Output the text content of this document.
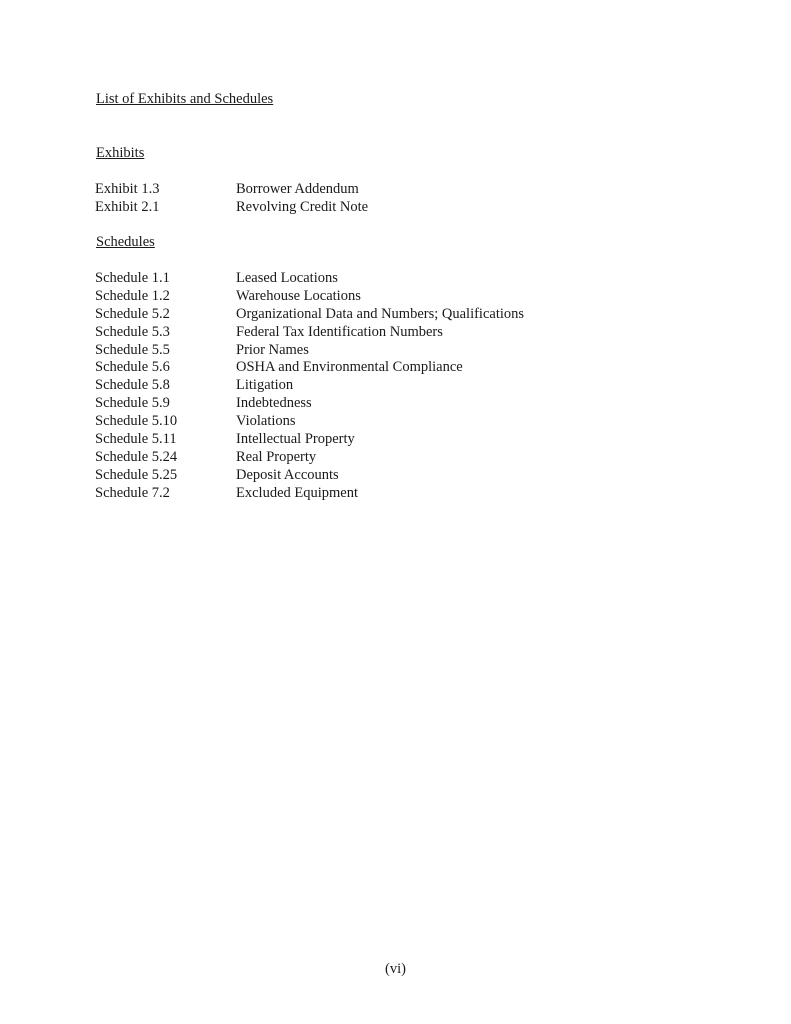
List of Exhibits and Schedules
Exhibits
Exhibit 1.3	Borrower Addendum
Exhibit 2.1	Revolving Credit Note
Schedules
Schedule 1.1	Leased Locations
Schedule 1.2	Warehouse Locations
Schedule 5.2	Organizational Data and Numbers; Qualifications
Schedule 5.3	Federal Tax Identification Numbers
Schedule 5.5	Prior Names
Schedule 5.6	OSHA and Environmental Compliance
Schedule 5.8	Litigation
Schedule 5.9	Indebtedness
Schedule 5.10	Violations
Schedule 5.11	Intellectual Property
Schedule 5.24	Real Property
Schedule 5.25	Deposit Accounts
Schedule 7.2	Excluded Equipment
(vi)
